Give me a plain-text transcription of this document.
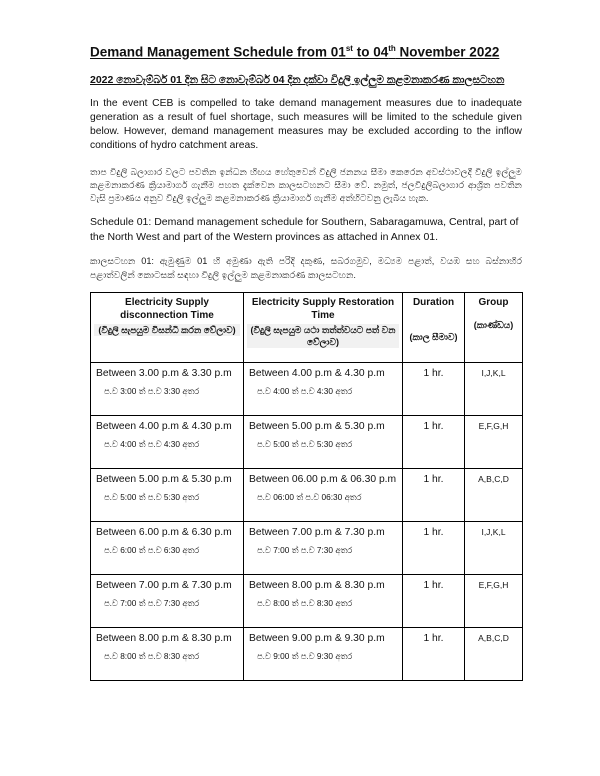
Demand Management Schedule from 01st to 04th November 2022
2022 නොවැම්බර් 01 දින සිට නොවැම්බර් 04 දින දක්වා විදුලි ඉල්ලුම කළමනාකරණ කාලසටහන

In the event CEB is compelled to take demand management measures due to inadequate generation as a result of fuel shortage, such measures will be limited to the schedule given below. However, demand management measures may be excluded according to the inflow conditions of hydro catchment areas.

තාප විදුලි බලාගාර වලට පවතින ඉන්ධන හිඟය හේතුවෙන් විදුලි ජනනය සීමා කෙරෙන අවස්ථාවලදී විදුලි ඉල්ලුම කළමනාකරණ ක්‍රියාමාර්ග ගැනීම පහත දැක්වෙන කාලසටහනට සීමා වේ. නමුත්, ජලවිදුලිබලාගාර ආශ්‍රිත පවතින වැසි ප්‍රමාණය අනුව විදුලි ඉල්ලුම කළමනාකරණ ක්‍රියාමාර්ග ගැනීම අත්හිටවනු ලැබිය හැක.

Schedule 01: Demand management schedule for Southern, Sabaragamuwa, Central, part of the North West and part of the Western provinces as attached in Annex 01.

කාලසටහන 01: ඇමුණුම 01 හි අමුණා ඇති පරිදි දකුණ, සබරගමුව, මධ්‍යම පළාත්, වයඹ සහ බස්නාහිර පළාත්වලින් කොටසක් සඳහා විදුලි ඉල්ලුම කළමනාකරණ කාලසටහන.

Electricity Supply disconnection Time
(විදුලි සැපයුම විසන්ධි කරන වේලාව)	Electricity Supply Restoration Time
(විදුලි සැපයුම යථා තත්ත්වයට පත් වන වේලාව)	Duration
(කාල සීමාව)	Group
(කාණ්ඩය)

Between 3.00 p.m & 3.30 p.m
ප.ව 3:00 ත් ප.ව 3:30 අතර	Between 4.00 p.m & 4.30 p.m
ප.ව 4:00 ත් ප.ව 4:30 අතර	1 hr.	I,J,K,L

Between 4.00 p.m & 4.30 p.m
ප.ව 4:00 ත් ප.ව 4:30 අතර	Between 5.00 p.m & 5.30 p.m
ප.ව 5:00 ත් ප.ව 5:30 අතර	1 hr.	E,F,G,H

Between 5.00 p.m & 5.30 p.m
ප.ව 5:00 ත් ප.ව 5:30 අතර	Between 06.00 p.m & 06.30 p.m
ප.ව 06:00 ත් ප.ව 06:30 අතර	1 hr.	A,B,C,D

Between 6.00 p.m & 6.30 p.m
ප.ව 6:00 ත් ප.ව 6:30 අතර	Between 7.00 p.m & 7.30 p.m
ප.ව 7:00 ත් ප.ව 7:30 අතර	1 hr.	I,J,K,L

Between 7.00 p.m & 7.30 p.m
ප.ව 7:00 ත් ප.ව 7:30 අතර	Between 8.00 p.m & 8.30 p.m
ප.ව 8:00 ත් ප.ව 8:30 අතර	1 hr.	E,F,G,H

Between 8.00 p.m & 8.30 p.m
ප.ව 8:00 ත් ප.ව 8:30 අතර	Between 9.00 p.m & 9.30 p.m
ප.ව 9:00 ත් ප.ව 9:30 අතර	1 hr.	A,B,C,D
